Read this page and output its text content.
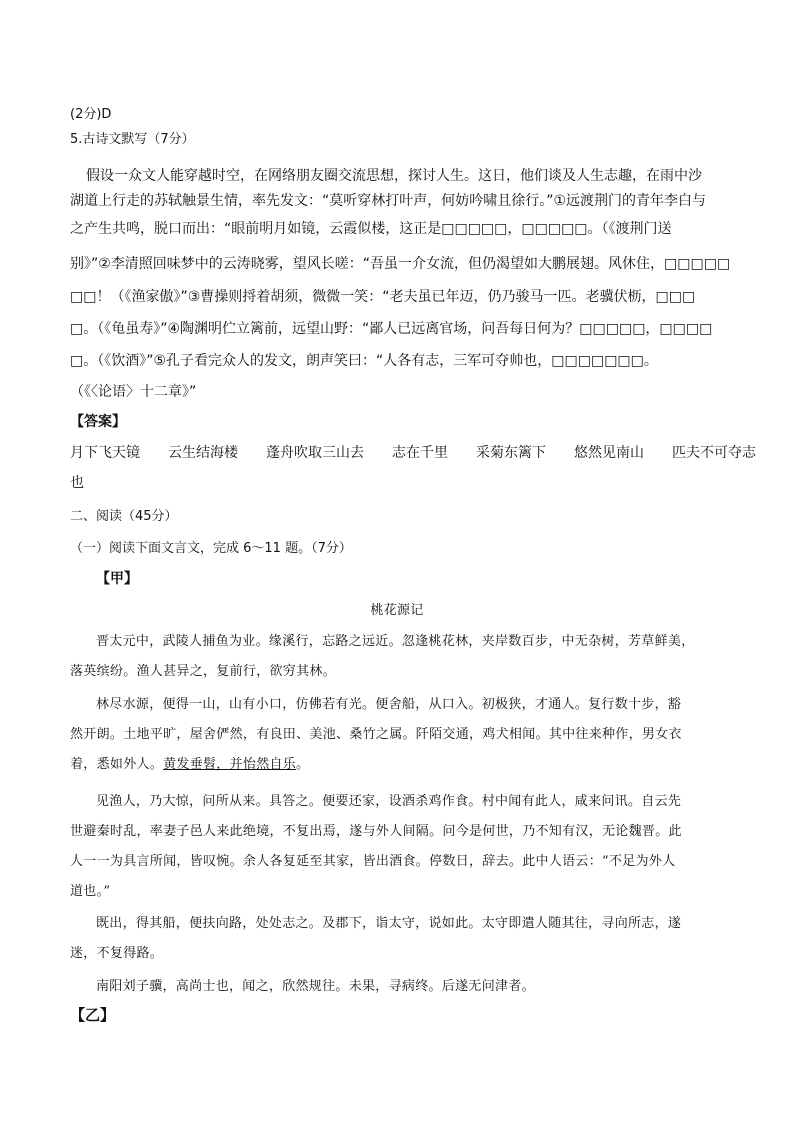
(2分)D
5.古诗文默写（7分）
假设一众文人能穿越时空，在网络朋友圈交流思想，探讨人生。这日，他们谈及人生志趣，在雨中沙
湖道上行走的苏轼触景生情，率先发文：“莫听穿林打叶声，何妨吟啸且徐行。”①远渡荆门的青年李白与
之产生共鸣，脱口而出：“眼前明月如镜，云霞似楼，这正是□□□□□，□□□□□。（《渡荆门送
别》”②李清照回味梦中的云涛晓雾，望风长嗟：“吾虽一介女流，但仍渴望如大鹏展翅。风休住，□□□□□
□□！（《渔家傲》”③曹操则捋着胡须，微微一笑：“老夫虽已年迈，仍乃骏马一匹。老骥伏枥，□□□
□。（《龟虽寿》”④陶渊明伫立篱前，远望山野：“鄙人已远离官场，问吾每日何为？□□□□□，□□□□
□。（《饮酒》”⑤孔子看完众人的发文，朗声笑曰：“人各有志，三军可夺帅也，□□□□□□□。
（《〈论语〉十二章》”
【答案】
月下飞天镜 云生结海楼 蓬舟吹取三山去 志在千里 采菊东篱下 悠然见南山 匹夫不可夺志
也
二、阅读（45分）
（一）阅读下面文言文，完成 6～11 题。（7分）
【甲】
桃花源记
晋太元中，武陵人捕鱼为业。缘溪行，忘路之远近。忽逢桃花林，夹岸数百步，中无杂树，芳草鲜美，
落英缤纷。渔人甚异之，复前行，欲穷其林。
林尽水源，便得一山，山有小口，仿佛若有光。便舍船，从口入。初极狭，才通人。复行数十步，豁
然开朗。土地平旷，屋舍俨然，有良田、美池、桑竹之属。阡陌交通，鸡犬相闻。其中往来种作，男女衣
着，悉如外人。黄发垂髫，并怡然自乐。
见渔人，乃大惊，问所从来。具答之。便要还家，设酒杀鸡作食。村中闻有此人，咸来问讯。自云先
世避秦时乱，率妻子邑人来此绝境，不复出焉，遂与外人间隔。问今是何世，乃不知有汉，无论魏晋。此
人一一为具言所闻，皆叹惋。余人各复延至其家，皆出酒食。停数日，辞去。此中人语云：“不足为外人
道也。”
既出，得其船，便扶向路，处处志之。及郡下，诣太守，说如此。太守即遣人随其往，寻向所志，遂
迷，不复得路。
南阳刘子骥，高尚士也，闻之，欣然规往。未果，寻病终。后遂无问津者。
【乙】
